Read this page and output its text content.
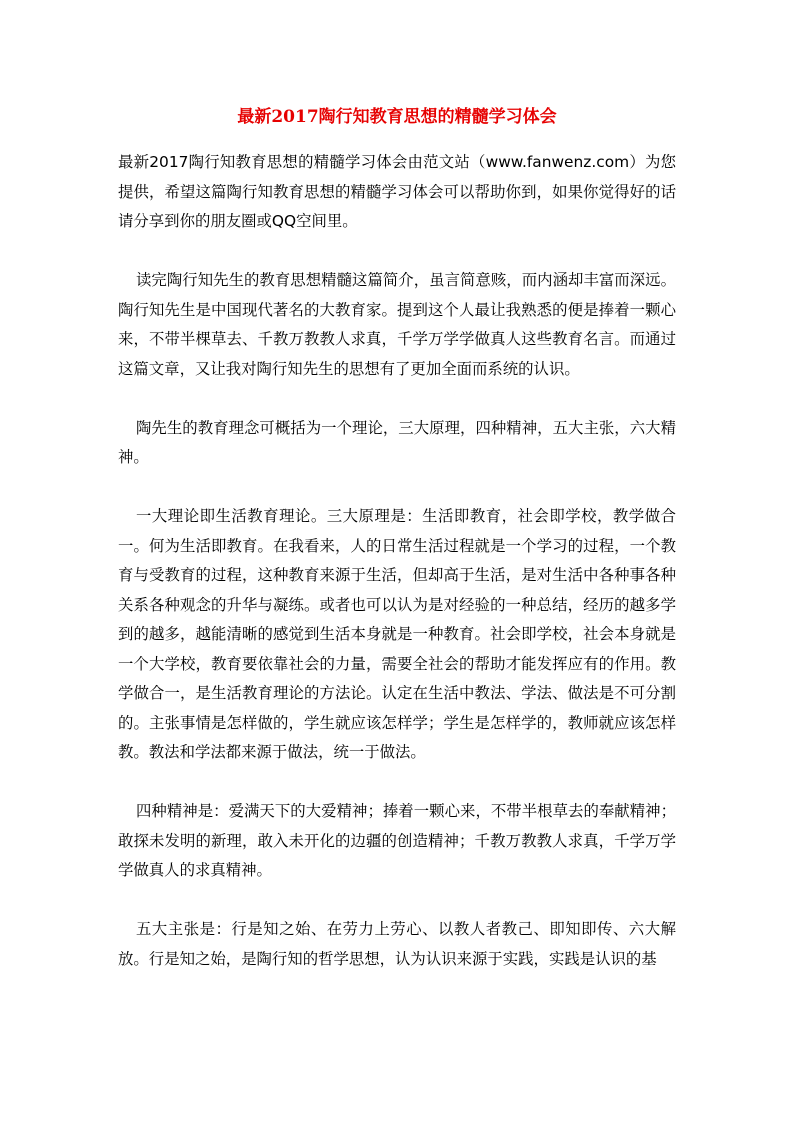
最新2017陶行知教育思想的精髓学习体会

最新2017陶行知教育思想的精髓学习体会由范文站（www.fanwenz.com）为您提供，希望这篇陶行知教育思想的精髓学习体会可以帮助你到，如果你觉得好的话请分享到你的朋友圈或QQ空间里。

读完陶行知先生的教育思想精髓这篇简介，虽言简意赅，而内涵却丰富而深远。陶行知先生是中国现代著名的大教育家。提到这个人最让我熟悉的便是捧着一颗心来，不带半棵草去、千教万教教人求真，千学万学学做真人这些教育名言。而通过这篇文章，又让我对陶行知先生的思想有了更加全面而系统的认识。

陶先生的教育理念可概括为一个理论，三大原理，四种精神，五大主张，六大精神。

一大理论即生活教育理论。三大原理是：生活即教育，社会即学校，教学做合一。何为生活即教育。在我看来，人的日常生活过程就是一个学习的过程，一个教育与受教育的过程，这种教育来源于生活，但却高于生活，是对生活中各种事各种关系各种观念的升华与凝练。或者也可以认为是对经验的一种总结，经历的越多学到的越多，越能清晰的感觉到生活本身就是一种教育。社会即学校，社会本身就是一个大学校，教育要依靠社会的力量，需要全社会的帮助才能发挥应有的作用。教学做合一，是生活教育理论的方法论。认定在生活中教法、学法、做法是不可分割的。主张事情是怎样做的，学生就应该怎样学；学生是怎样学的，教师就应该怎样教。教法和学法都来源于做法，统一于做法。

四种精神是：爱满天下的大爱精神；捧着一颗心来，不带半根草去的奉献精神；敢探未发明的新理，敢入未开化的边疆的创造精神；千教万教教人求真，千学万学学做真人的求真精神。

五大主张是：行是知之始、在劳力上劳心、以教人者教己、即知即传、六大解放。行是知之始，是陶行知的哲学思想，认为认识来源于实践，实践是认识的基
